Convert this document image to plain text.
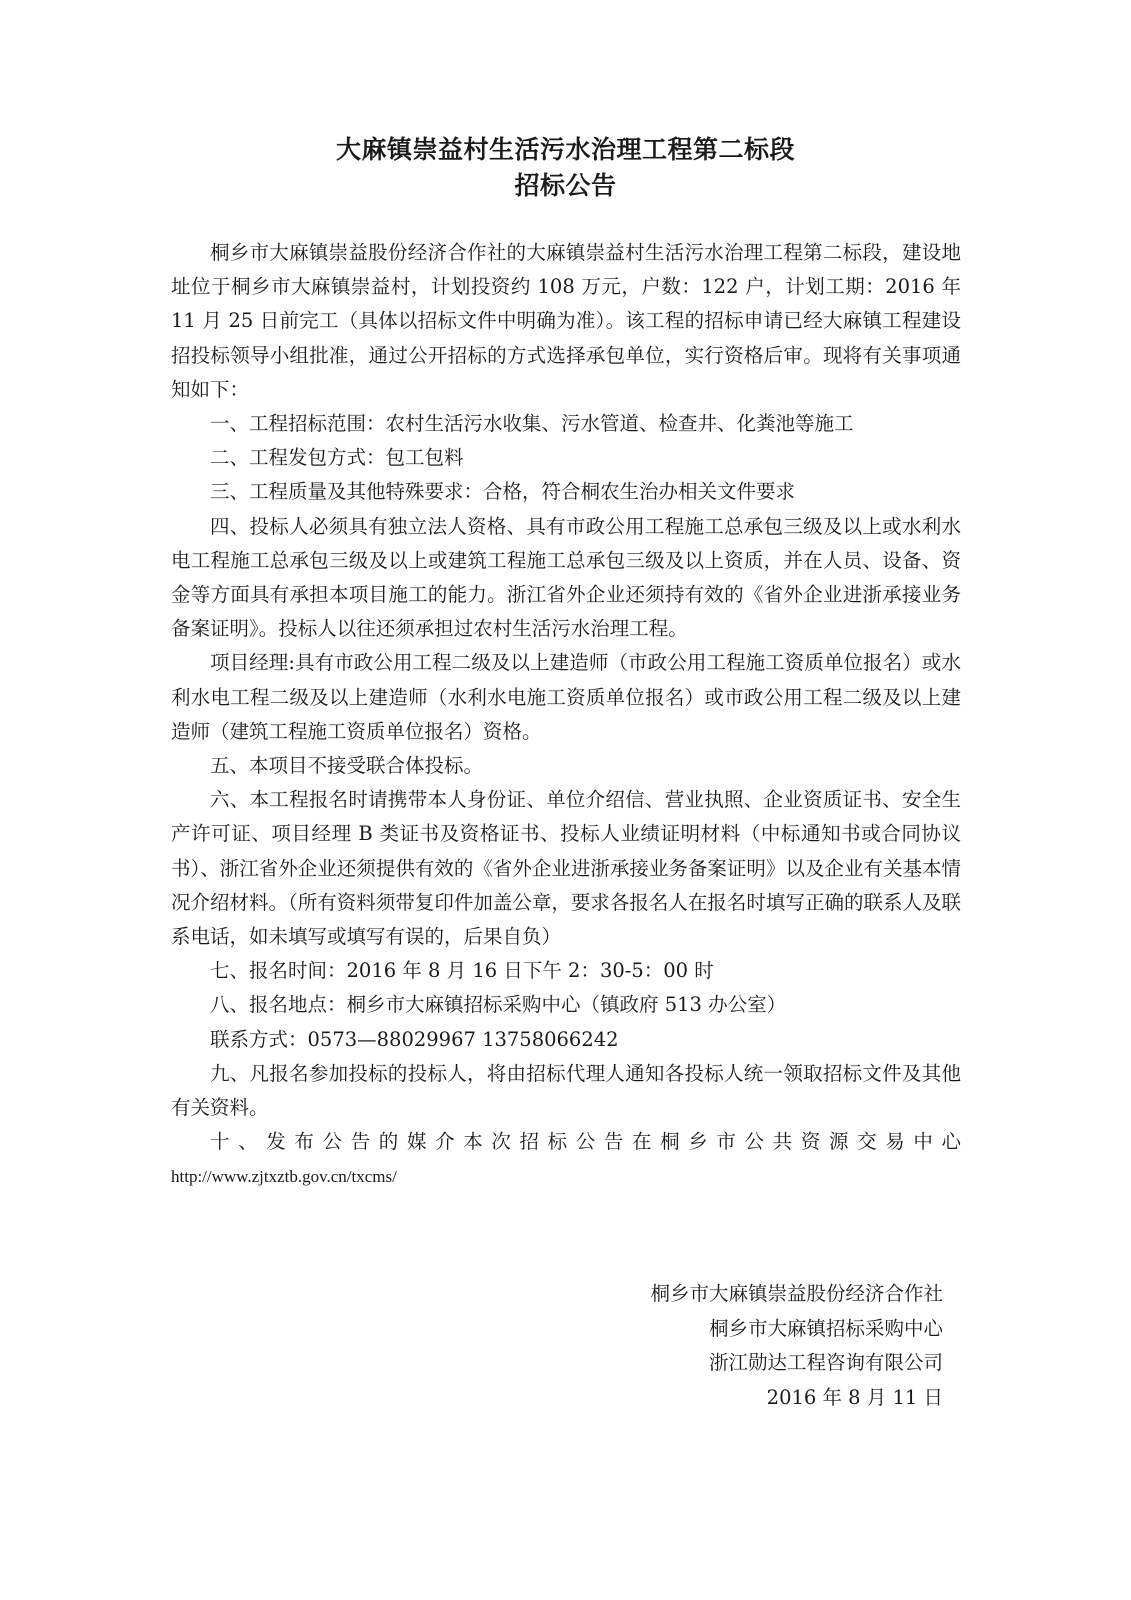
大麻镇崇益村生活污水治理工程第二标段
招标公告

桐乡市大麻镇崇益股份经济合作社的大麻镇崇益村生活污水治理工程第二标段，建设地址位于桐乡市大麻镇崇益村，计划投资约 108 万元，户数：122 户，计划工期：2016 年 11 月 25 日前完工（具体以招标文件中明确为准）。该工程的招标申请已经大麻镇工程建设招投标领导小组批准，通过公开招标的方式选择承包单位，实行资格后审。现将有关事项通知如下：

一、工程招标范围：农村生活污水收集、污水管道、检查井、化粪池等施工

二、工程发包方式：包工包料

三、工程质量及其他特殊要求：合格，符合桐农生治办相关文件要求

四、投标人必须具有独立法人资格、具有市政公用工程施工总承包三级及以上或水利水电工程施工总承包三级及以上或建筑工程施工总承包三级及以上资质，并在人员、设备、资金等方面具有承担本项目施工的能力。浙江省外企业还须持有效的《省外企业进浙承接业务备案证明》。投标人以往还须承担过农村生活污水治理工程。

项目经理:具有市政公用工程二级及以上建造师（市政公用工程施工资质单位报名）或水利水电工程二级及以上建造师（水利水电施工资质单位报名）或市政公用工程二级及以上建造师（建筑工程施工资质单位报名）资格。

五、本项目不接受联合体投标。

六、本工程报名时请携带本人身份证、单位介绍信、营业执照、企业资质证书、安全生产许可证、项目经理 B 类证书及资格证书、投标人业绩证明材料（中标通知书或合同协议书）、浙江省外企业还须提供有效的《省外企业进浙承接业务备案证明》以及企业有关基本情况介绍材料。（所有资料须带复印件加盖公章，要求各报名人在报名时填写正确的联系人及联系电话，如未填写或填写有误的，后果自负）

七、报名时间：2016 年 8 月 16 日下午 2：30-5：00 时

八、报名地点：桐乡市大麻镇招标采购中心（镇政府 513 办公室）

联系方式：0573—88029967 13758066242

九、凡报名参加投标的投标人，将由招标代理人通知各投标人统一领取招标文件及其他有关资料。

十、发布公告的媒介本次招标公告在桐乡市公共资源交易中心

http://www.zjtxztb.gov.cn/txcms/

桐乡市大麻镇崇益股份经济合作社
桐乡市大麻镇招标采购中心
浙江勋达工程咨询有限公司
2016 年 8 月 11 日
